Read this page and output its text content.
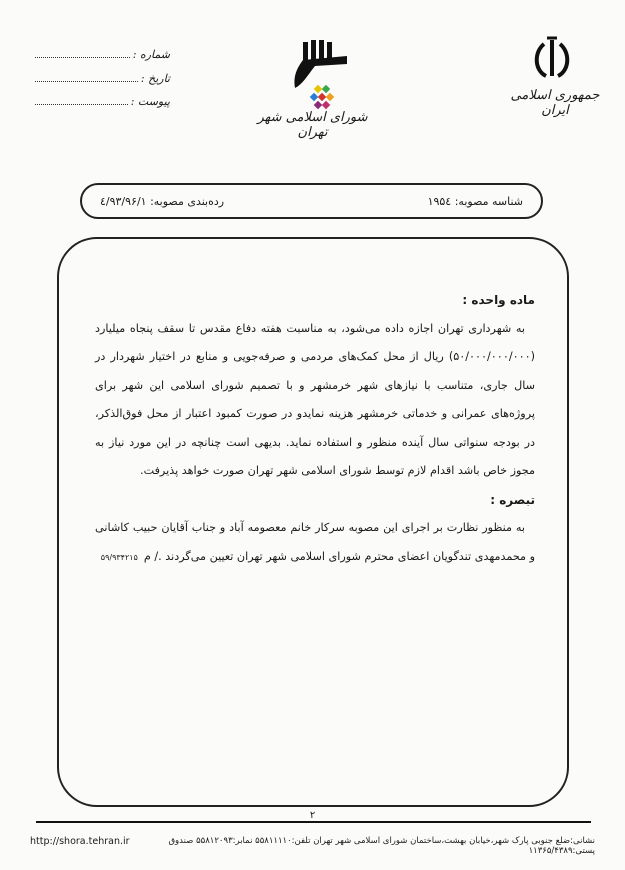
جمهوری اسلامی ایران
شورای اسلامی شهر تهران
شماره :
تاریخ :
پیوست :
شناسه مصوبه: ۱۹۵٤
رده‌بندی مصوبه: ٤/۹۳/۹۶/۱
ماده واحده :

به شهرداری تهران اجازه داده می‌شود، به مناسبت هفته دفاع مقدس تا سقف پنجاه میلیارد (۵۰/۰۰۰/۰۰۰/۰۰۰) ریال از محل کمک‌های مردمی و صرفه‌جویی و منابع در اختیار شهردار در سال جاری، متناسب با نیازهای شهر خرمشهر و با تصمیم شورای اسلامی این شهر برای پروژه‌های عمرانی و خدماتی خرمشهر هزینه نمایدو در صورت کمبود اعتبار از محل فوق‌الذکر، در بودجه سنواتی سال آینده منظور و استفاده نماید. بدیهی است چنانچه در این مورد نیاز به مجوز خاص باشد اقدام لازم توسط شورای اسلامی شهر تهران صورت خواهد پذیرفت.

تبصره :

به منظور نظارت بر اجرای این مصوبه سرکار خانم معصومه آباد و جناب آقایان حبیب کاشانی و محمدمهدی تندگویان اعضای محترم شورای اسلامی شهر تهران تعیین می‌گردند ./ م۵۹/۹۳۴۲۱۵

۲
نشانی:ضلع جنوبی پارک شهر،خیابان بهشت،ساختمان شورای اسلامی شهر تهران تلفن:۵۵۸۱۱۱۱۰ نمابر:۵۵۸۱۲۰۹۳ صندوق پستی:۱۱۳۶۵/۴۳۸۹
http://shora.tehran.ir
